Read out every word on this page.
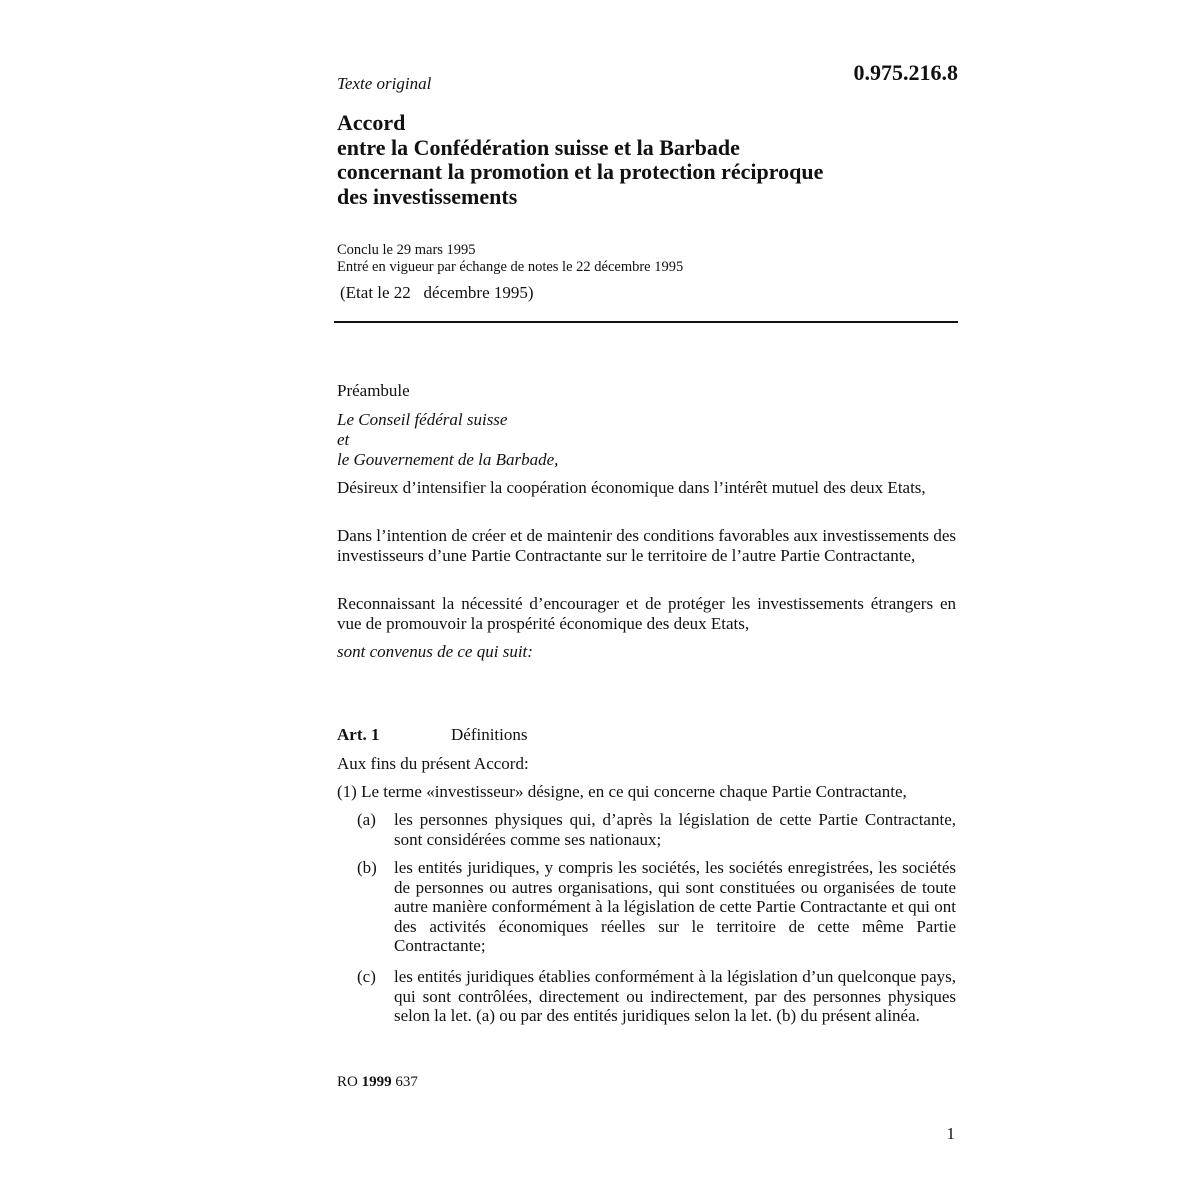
Texte original	0.975.216.8
Accord
entre la Confédération suisse et la Barbade
concernant la promotion et la protection réciproque
des investissements
Conclu le 29 mars 1995
Entré en vigueur par échange de notes le 22 décembre 1995
(Etat le 22   décembre 1995)
Préambule
Le Conseil fédéral suisse
et
le Gouvernement de la Barbade,
Désireux d’intensifier la coopération économique dans l’intérêt mutuel des deux Etats,
Dans l’intention de créer et de maintenir des conditions favorables aux investissements des investisseurs d’une Partie Contractante sur le territoire de l’autre Partie Contractante,
Reconnaissant la nécessité d’encourager et de protéger les investissements étrangers en vue de promouvoir la prospérité économique des deux Etats,
sont convenus de ce qui suit:
Art. 1	Définitions
Aux fins du présent Accord:
(1) Le terme «investisseur» désigne, en ce qui concerne chaque Partie Contractante,
(a) les personnes physiques qui, d’après la législation de cette Partie Contractante, sont considérées comme ses nationaux;
(b) les entités juridiques, y compris les sociétés, les sociétés enregistrées, les sociétés de personnes ou autres organisations, qui sont constituées ou organisées de toute autre manière conformément à la législation de cette Partie Contractante et qui ont des activités économiques réelles sur le territoire de cette même Partie Contractante;
(c) les entités juridiques établies conformément à la législation d’un quelconque pays, qui sont contrôlées, directement ou indirectement, par des personnes physiques selon la let. (a) ou par des entités juridiques selon la let. (b) du présent alinéa.
RO 1999 637
1
